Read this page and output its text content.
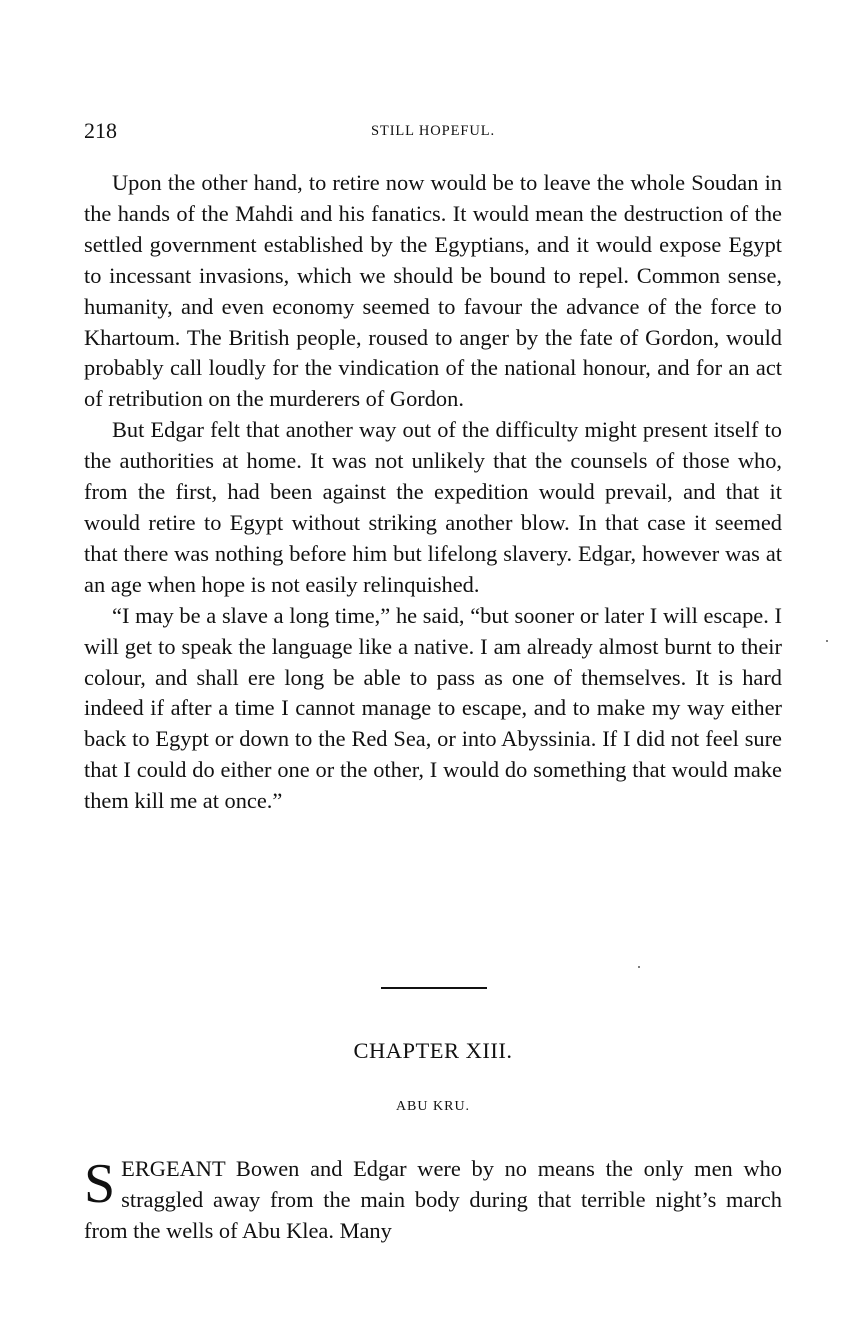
218	STILL HOPEFUL.

Upon the other hand, to retire now would be to leave the whole Soudan in the hands of the Mahdi and his fanatics. It would mean the destruction of the settled government established by the Egyptians, and it would expose Egypt to incessant invasions, which we should be bound to repel. Common sense, humanity, and even economy seemed to favour the advance of the force to Khartoum. The British people, roused to anger by the fate of Gordon, would probably call loudly for the vindication of the national honour, and for an act of retribution on the murderers of Gordon.

But Edgar felt that another way out of the difficulty might present itself to the authorities at home. It was not unlikely that the counsels of those who, from the first, had been against the expedition would prevail, and that it would retire to Egypt without striking another blow. In that case it seemed that there was nothing before him but lifelong slavery. Edgar, however was at an age when hope is not easily relinquished.

“I may be a slave a long time,” he said, “but sooner or later I will escape. I will get to speak the language like a native. I am already almost burnt to their colour, and shall ere long be able to pass as one of themselves. It is hard indeed if after a time I cannot manage to escape, and to make my way either back to Egypt or down to the Red Sea, or into Abyssinia. If I did not feel sure that I could do either one or the other, I would do something that would make them kill me at once.”

CHAPTER XIII.
ABU KRU.
S ERGEANT Bowen and Edgar were by no means the only men who straggled away from the main body during that terrible night’s march from the wells of Abu Klea. Many
